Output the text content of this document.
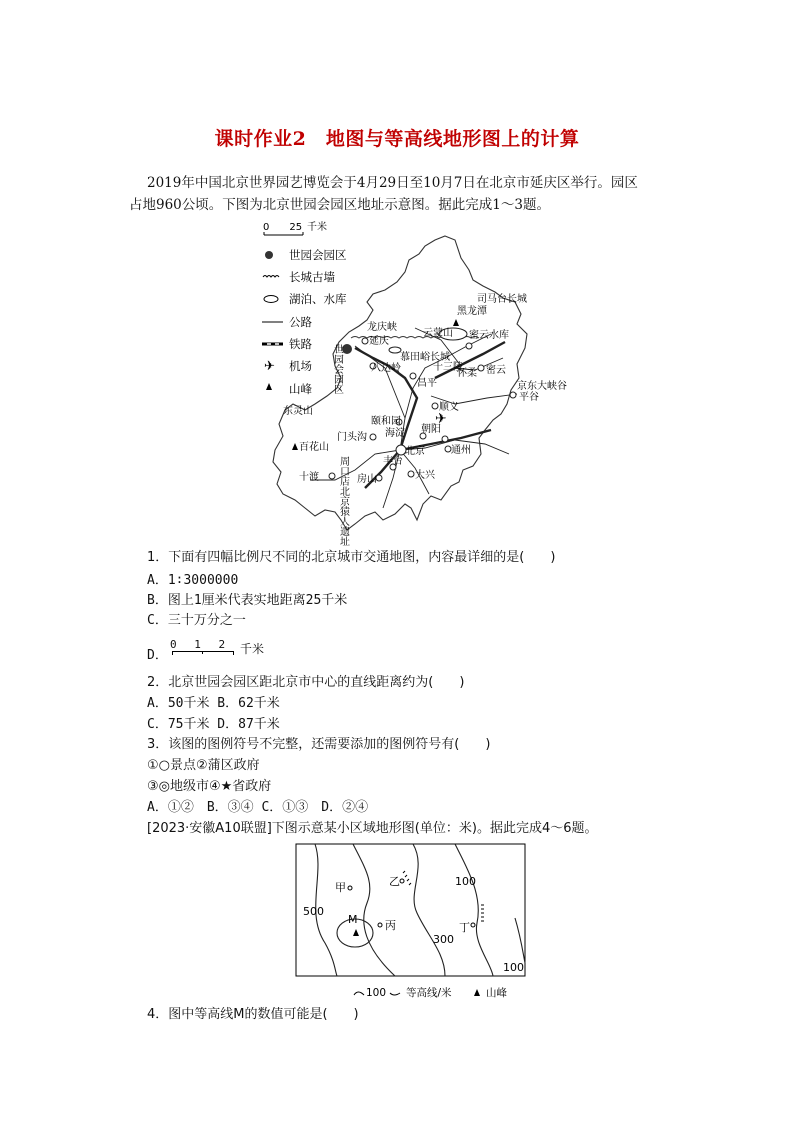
课时作业2　地图与等高线地形图上的计算
2019年中国北京世界园艺博览会于4月29日至10月7日在北京市延庆区举行。园区
占地960公顷。下图为北京世园会园区地址示意图。据此完成1～3题。
0　　25 千米
✈
世园会园区
长城古墙
湖泊、水库
公路
铁路
机场
山峰
✈
龙庆峡
延庆
八达岭
慕田峪长城
云蒙山
黑龙潭
司马台长城
密云水库
密云
怀柔
昌平
十三陵
京东大峡谷
平谷
东灵山
颐和园
顺义
门头沟 海淀 朝阳
北京	通州
百花山
丰台
房山	大兴
十渡 周口店北京猿人遗址
世园会园区
1．下面有四幅比例尺不同的北京城市交通地图，内容最详细的是(　　)
A．1∶3000000
B．图上1厘米代表实地距离25千米
C．三十万分之一
D．
0　 1　 2 千米
2．北京世园会园区距北京市中心的直线距离约为(　　)
A．50千米 B．62千米
C．75千米 D．87千米
3．该图的图例符号不完整，还需要添加的图例符号有(　　)
①○景点②蒲区政府
③◎地级市④★省政府
A．①②　B．③④ C．①③　D．②④
[2023·安徽A10联盟]下图示意某小区域地形图(单位：米)。据此完成4～6题。
甲	乙
丙	丁
M
500
300
100
100
100 等高线/米	山峰
4．图中等高线M的数值可能是(　　)
